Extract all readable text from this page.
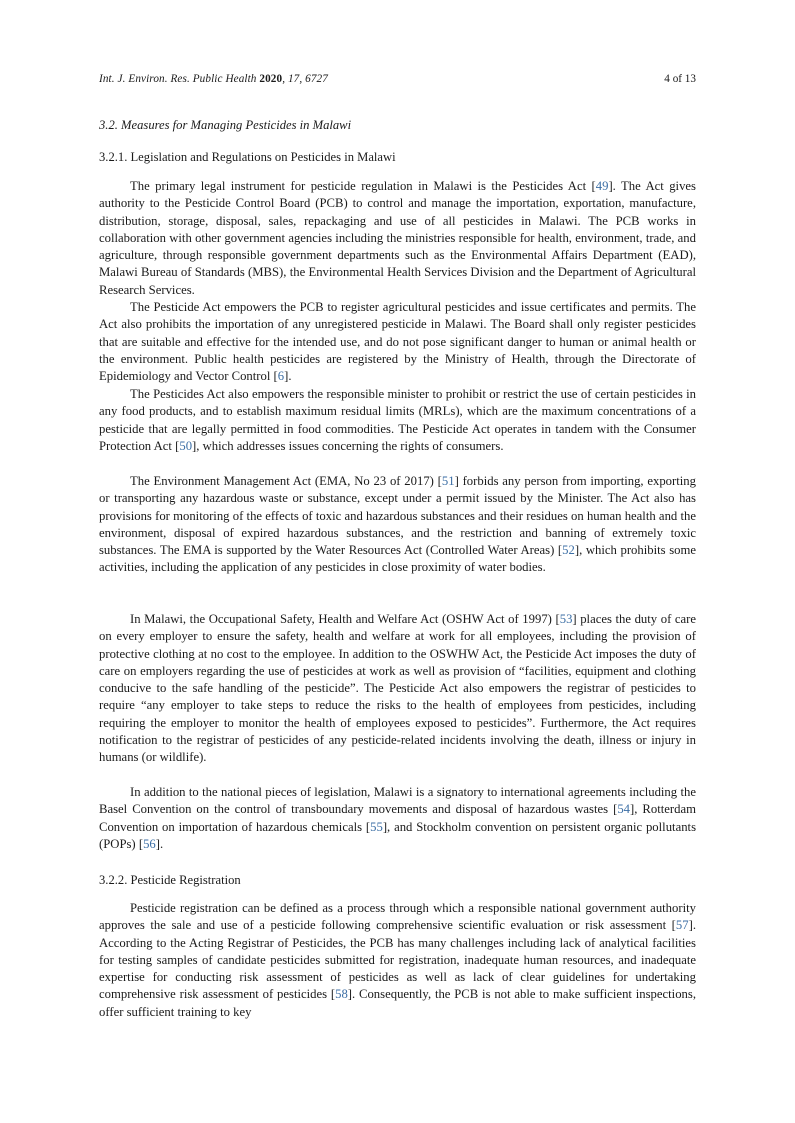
Int. J. Environ. Res. Public Health 2020, 17, 6727	4 of 13
3.2. Measures for Managing Pesticides in Malawi
3.2.1. Legislation and Regulations on Pesticides in Malawi

The primary legal instrument for pesticide regulation in Malawi is the Pesticides Act [49]. The Act gives authority to the Pesticide Control Board (PCB) to control and manage the importation, exportation, manufacture, distribution, storage, disposal, sales, repackaging and use of all pesticides in Malawi. The PCB works in collaboration with other government agencies including the ministries responsible for health, environment, trade, and agriculture, through responsible government departments such as the Environmental Affairs Department (EAD), Malawi Bureau of Standards (MBS), the Environmental Health Services Division and the Department of Agricultural Research Services.

The Pesticide Act empowers the PCB to register agricultural pesticides and issue certificates and permits. The Act also prohibits the importation of any unregistered pesticide in Malawi. The Board shall only register pesticides that are suitable and effective for the intended use, and do not pose significant danger to human or animal health or the environment. Public health pesticides are registered by the Ministry of Health, through the Directorate of Epidemiology and Vector Control [6].

The Pesticides Act also empowers the responsible minister to prohibit or restrict the use of certain pesticides in any food products, and to establish maximum residual limits (MRLs), which are the maximum concentrations of a pesticide that are legally permitted in food commodities. The Pesticide Act operates in tandem with the Consumer Protection Act [50], which addresses issues concerning the rights of consumers.

The Environment Management Act (EMA, No 23 of 2017) [51] forbids any person from importing, exporting or transporting any hazardous waste or substance, except under a permit issued by the Minister. The Act also has provisions for monitoring of the effects of toxic and hazardous substances and their residues on human health and the environment, disposal of expired hazardous substances, and the restriction and banning of extremely toxic substances. The EMA is supported by the Water Resources Act (Controlled Water Areas) [52], which prohibits some activities, including the application of any pesticides in close proximity of water bodies.

In Malawi, the Occupational Safety, Health and Welfare Act (OSHW Act of 1997) [53] places the duty of care on every employer to ensure the safety, health and welfare at work for all employees, including the provision of protective clothing at no cost to the employee. In addition to the OSWHW Act, the Pesticide Act imposes the duty of care on employers regarding the use of pesticides at work as well as provision of “facilities, equipment and clothing conducive to the safe handling of the pesticide”. The Pesticide Act also empowers the registrar of pesticides to require “any employer to take steps to reduce the risks to the health of employees from pesticides, including requiring the employer to monitor the health of employees exposed to pesticides”. Furthermore, the Act requires notification to the registrar of pesticides of any pesticide-related incidents involving the death, illness or injury in humans (or wildlife).

In addition to the national pieces of legislation, Malawi is a signatory to international agreements including the Basel Convention on the control of transboundary movements and disposal of hazardous wastes [54], Rotterdam Convention on importation of hazardous chemicals [55], and Stockholm convention on persistent organic pollutants (POPs) [56].

3.2.2. Pesticide Registration

Pesticide registration can be defined as a process through which a responsible national government authority approves the sale and use of a pesticide following comprehensive scientific evaluation or risk assessment [57]. According to the Acting Registrar of Pesticides, the PCB has many challenges including lack of analytical facilities for testing samples of candidate pesticides submitted for registration, inadequate human resources, and inadequate expertise for conducting risk assessment of pesticides as well as lack of clear guidelines for undertaking comprehensive risk assessment of pesticides [58]. Consequently, the PCB is not able to make sufficient inspections, offer sufficient training to key
